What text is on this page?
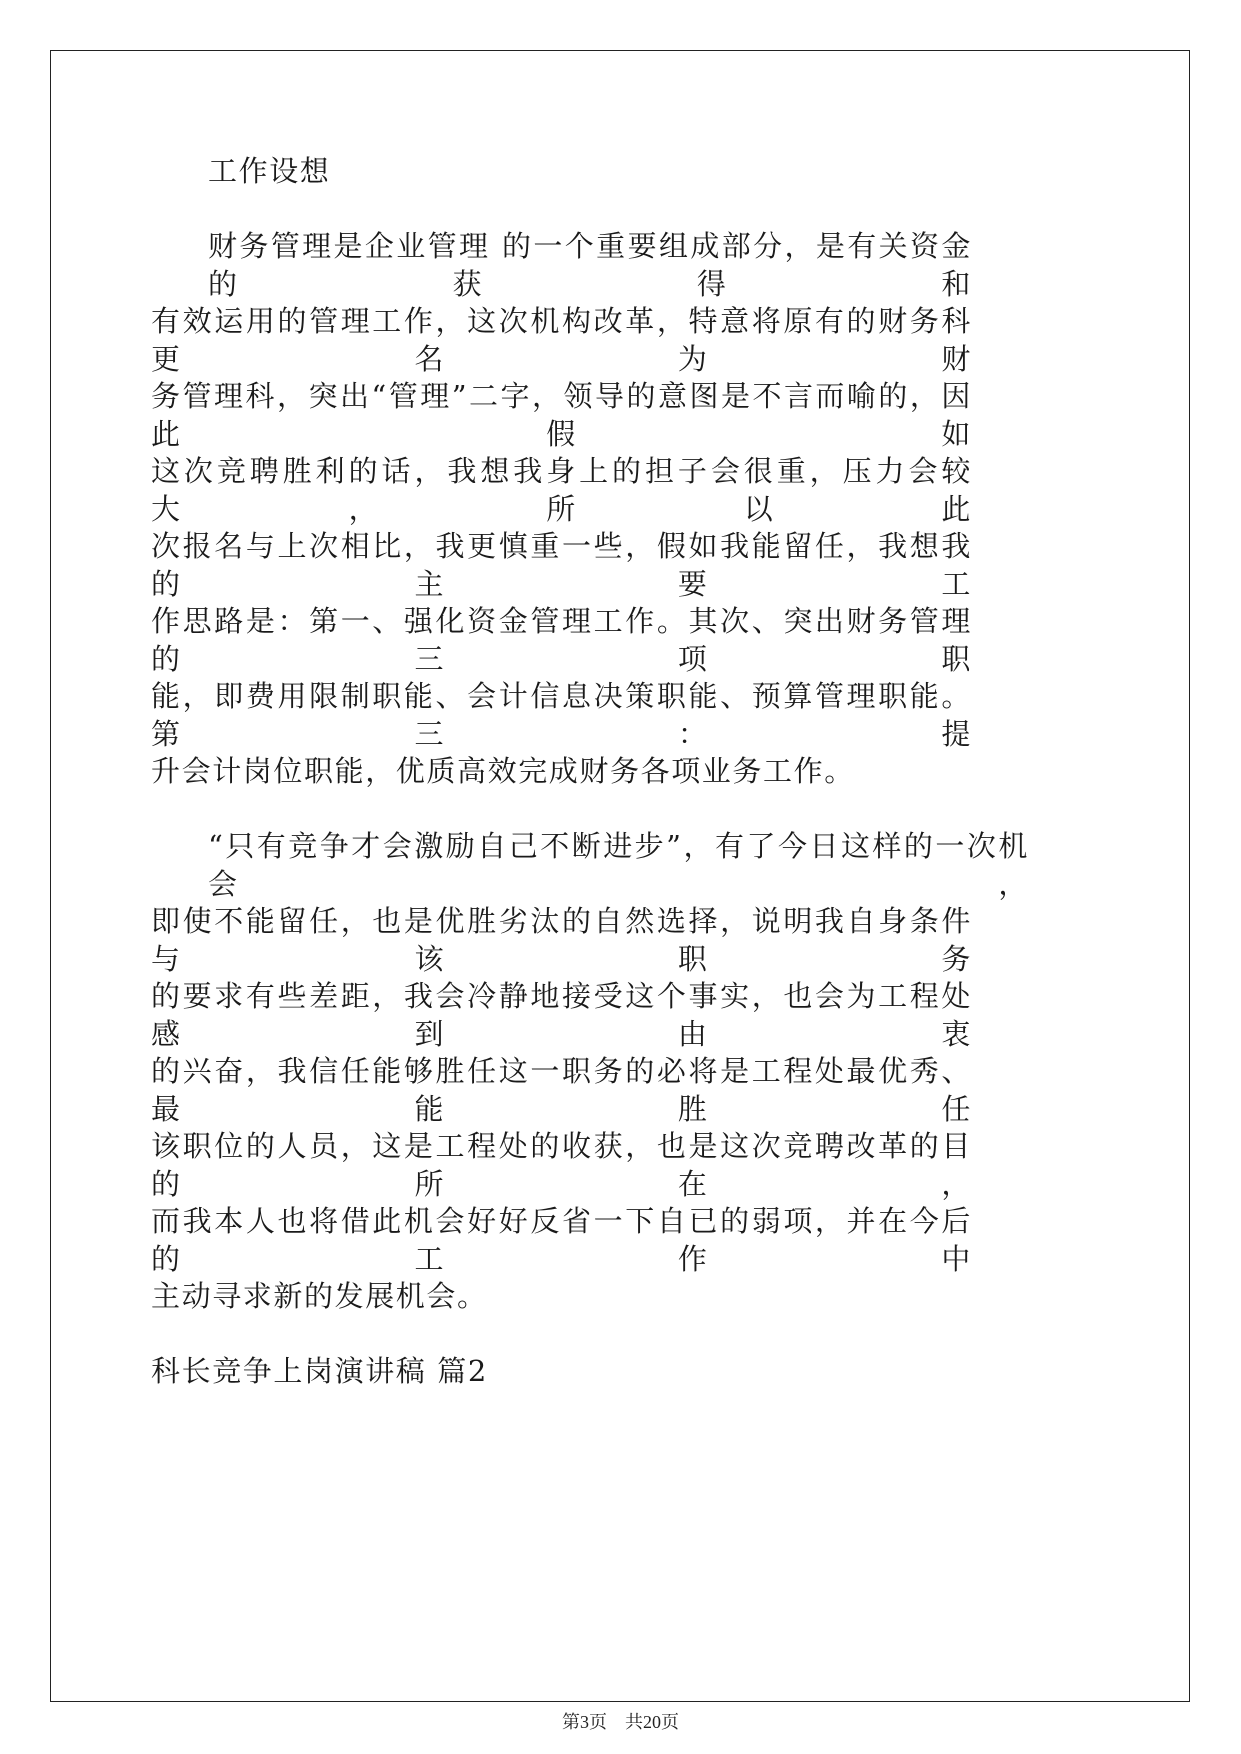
工作设想
财务管理是企业管理 的一个重要组成部分，是有关资金的获得和
有效运用的管理工作，这次机构改革，特意将原有的财务科更名为财
务管理科，突出“管理”二字，领导的意图是不言而喻的，因此假如
这次竞聘胜利的话，我想我身上的担子会很重，压力会较大，所以此
次报名与上次相比，我更慎重一些，假如我能留任，我想我的主要工
作思路是：第一、强化资金管理工作。其次、突出财务管理的三项职
能，即费用限制职能、会计信息决策职能、预算管理职能。第三：提
升会计岗位职能，优质高效完成财务各项业务工作。
“只有竞争才会激励自己不断进步”，有了今日这样的一次机会，
即使不能留任，也是优胜劣汰的自然选择，说明我自身条件与该职务
的要求有些差距，我会冷静地接受这个事实，也会为工程处感到由衷
的兴奋，我信任能够胜任这一职务的必将是工程处最优秀、最能胜任
该职位的人员，这是工程处的收获，也是这次竞聘改革的目的所在，
而我本人也将借此机会好好反省一下自已的弱项，并在今后的工作中
主动寻求新的发展机会。
科长竞争上岗演讲稿 篇2
第3页　共20页
